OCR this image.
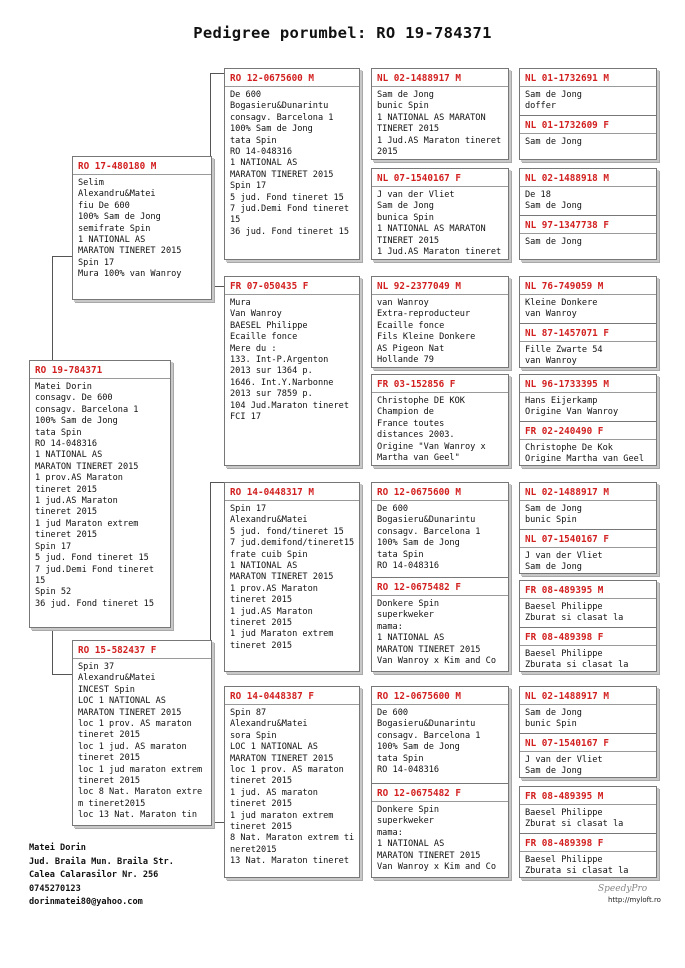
Pedigree porumbel: RO 19-784371
RO 19-784371
Matei Dorin
consagv. De 600
consagv. Barcelona 1
100% Sam de Jong
tata Spin
RO 14-048316
1 NATIONAL AS
MARATON TINERET 2015
1 prov.AS Maraton
tineret 2015
1 jud.AS Maraton
tineret 2015
1 jud Maraton extrem
tineret 2015
Spin 17
5 jud. Fond tineret 15
7 jud.Demi Fond tineret
15
Spin 52
36 jud. Fond tineret 15
RO 17-480180 M
Selim
Alexandru&Matei
fiu De 600
100% Sam de Jong
semifrate Spin
1 NATIONAL AS
MARATON TINERET 2015
Spin 17
Mura 100% van Wanroy
RO 15-582437 F
Spin 37
Alexandru&Matei
INCEST Spin
LOC 1 NATIONAL AS
MARATON TINERET 2015
loc 1 prov. AS maraton
tineret 2015
loc 1 jud. AS maraton
tineret 2015
loc 1 jud maraton extrem
tineret 2015
loc 8 Nat. Maraton extre
m tineret2015
loc 13 Nat. Maraton tin
RO 12-0675600 M
De 600
Bogasieru&Dunarintu
consagv. Barcelona 1
100% Sam de Jong
tata Spin
RO 14-048316
1 NATIONAL AS
MARATON TINERET 2015
Spin 17
5 jud. Fond tineret 15
7 jud.Demi Fond tineret
15
36 jud. Fond tineret 15
FR 07-050435 F
Mura
Van Wanroy
BAESEL Philippe
Ecaille fonce
Mere du :
133. Int-P.Argenton
2013 sur 1364 p.
1646. Int.Y.Narbonne
2013 sur 7859 p.
104 Jud.Maraton tineret
FCI 17
RO 14-0448317 M
Spin 17
Alexandru&Matei
5 jud. fond/tineret 15
7 jud.demifond/tineret15
frate cuib Spin
1 NATIONAL AS
MARATON TINERET 2015
1 prov.AS Maraton
tineret 2015
1 jud.AS Maraton
tineret 2015
1 jud Maraton extrem
tineret 2015
RO 14-0448387 F
Spin 87
Alexandru&Matei
sora Spin
LOC 1 NATIONAL AS
MARATON TINERET 2015
loc 1 prov. AS maraton
tineret 2015
1 jud. AS maraton
tineret 2015
1 jud maraton extrem
tineret 2015
8 Nat. Maraton extrem ti
neret2015
13 Nat. Maraton tineret
NL 02-1488917 M
Sam de Jong
bunic Spin
1 NATIONAL AS MARATON
TINERET 2015
1 Jud.AS Maraton tineret
2015
NL 07-1540167 F
J van der Vliet
Sam de Jong
bunica Spin
1 NATIONAL AS MARATON
TINERET 2015
1 Jud.AS Maraton tineret
NL 92-2377049 M
van Wanroy
Extra-reproducteur
Ecaille fonce
Fils Kleine Donkere
AS Pigeon Nat
Hollande 79
FR 03-152856 F
Christophe DE KOK
Champion de
France toutes
distances 2003.
Origine "Van Wanroy x
Martha van Geel"
RO 12-0675600 M
De 600
Bogasieru&Dunarintu
consagv. Barcelona 1
100% Sam de Jong
tata Spin
RO 14-048316
RO 12-0675482 F
Donkere Spin
superkweker
mama:
1 NATIONAL AS
MARATON TINERET 2015
Van Wanroy x Kim and Co
RO 12-0675600 M
De 600
Bogasieru&Dunarintu
consagv. Barcelona 1
100% Sam de Jong
tata Spin
RO 14-048316
RO 12-0675482 F
Donkere Spin
superkweker
mama:
1 NATIONAL AS
MARATON TINERET 2015
Van Wanroy x Kim and Co
NL 01-1732691 M
Sam de Jong
doffer
NL 01-1732609 F
Sam de Jong
NL 02-1488918 M
De 18
Sam de Jong
NL 97-1347738 F
Sam de Jong
NL 76-749059 M
Kleine Donkere
van Wanroy
NL 87-1457071 F
Fille Zwarte 54
van Wanroy
NL 96-1733395 M
Hans Eijerkamp
Origine Van Wanroy
FR 02-240490 F
Christophe De Kok
Origine Martha van Geel
NL 02-1488917 M
Sam de Jong
bunic Spin
NL 07-1540167 F
J van der Vliet
Sam de Jong
FR 08-489395 M
Baesel Philippe
Zburat si clasat la
FR 08-489398 F
Baesel Philippe
Zburata si clasat la
NL 02-1488917 M
Sam de Jong
bunic Spin
NL 07-1540167 F
J van der Vliet
Sam de Jong
FR 08-489395 M
Baesel Philippe
Zburat si clasat la
FR 08-489398 F
Baesel Philippe
Zburata si clasat la
Matei Dorin
Jud. Braila Mun. Braila Str.
Calea Calarasilor Nr. 256
0745270123
dorinmatei80@yahoo.com
SpeedyPro
http://myloft.ro
